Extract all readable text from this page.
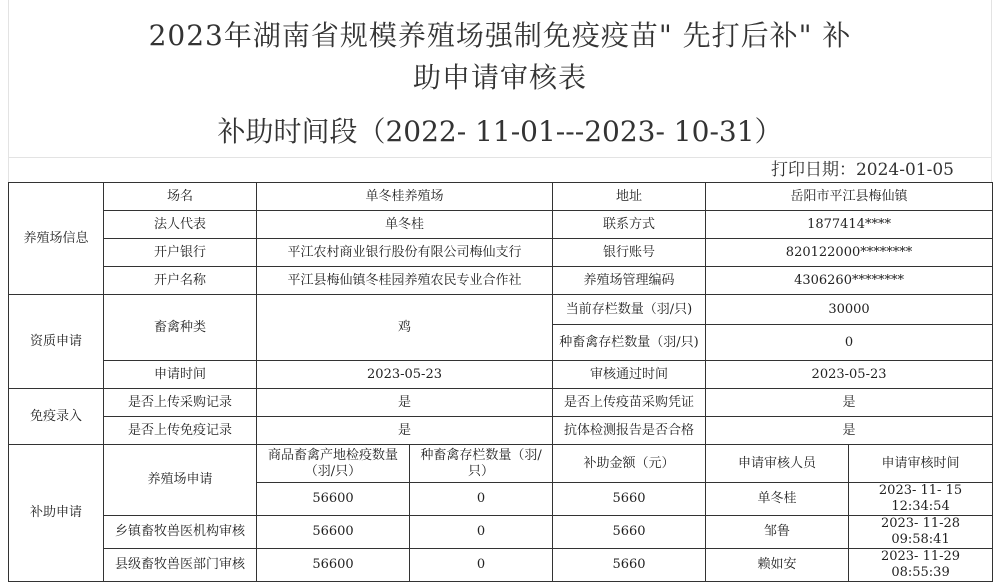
2023年湖南省规模养殖场强制免疫疫苗" 先打后补" 补
助申请审核表
补助时间段（2022- 11-01---2023- 10-31）
打印日期：2024-01-05
养殖场信息	场名	单冬桂养殖场		地址	岳阳市平江县梅仙镇	
	法人代表	单冬桂		联系方式	1877414****	
	开户银行	平江农村商业银行股份有限公司梅仙支行		银行账号	820122000********	
	开户名称	平江县梅仙镇冬桂园养殖农民专业合作社		养殖场管理编码	4306260********	
资质申请	畜禽种类	鸡		当前存栏数量（羽/只)	30000	
				种畜禽存栏数量（羽/只)	0	
	申请时间	2023-05-23		审核通过时间	2023-05-23	
免疫录入	是否上传采购记录	是		是否上传疫苗采购凭证	是	
	是否上传免疫记录	是		抗体检测报告是否合格	是	
补助申请	养殖场申请	商品畜禽产地检疫数量（羽/只）	种畜禽存栏数量（羽/只）	补助金额（元）	申请审核人员	申请审核时间
		56600	0	5660	单冬桂	2023- 11- 15 12:34:54
	乡镇畜牧兽医机构审核	56600	0	5660	邹鲁	2023- 11-28 09:58:41
	县级畜牧兽医部门审核	56600	0	5660	赖如安	2023- 11-29 08:55:39
